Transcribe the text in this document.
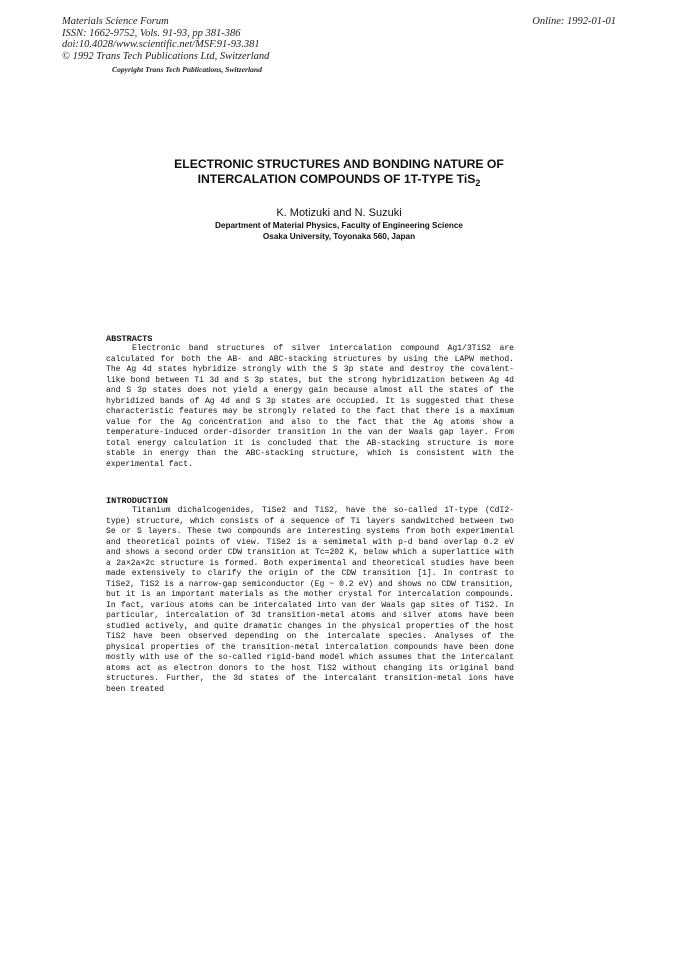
Materials Science Forum
ISSN: 1662-9752, Vols. 91-93, pp 381-386
doi:10.4028/www.scientific.net/MSF.91-93.381
© 1992 Trans Tech Publications Ltd, Switzerland
Online: 1992-01-01
Copyright Trans Tech Publications, Switzerland
ELECTRONIC STRUCTURES AND BONDING NATURE OF
INTERCALATION COMPOUNDS OF 1T-TYPE TiS$_2$
K. Motizuki and N. Suzuki
Department of Material Physics, Faculty of Engineering Science
Osaka University, Toyonaka 560, Japan
ABSTRACTS
Electronic band structures of silver intercalation compound Ag1/3TiS2 are calculated for both the AB- and ABC-stacking structures by using the LAPW method. The Ag 4d states hybridize strongly with the S 3p state and destroy the covalent-like bond between Ti 3d and S 3p states, but the strong hybridization between Ag 4d and S 3p states does not yield a energy gain because almost all the states of the hybridized bands of Ag 4d and S 3p states are occupied. It is suggested that these characteristic features may be strongly related to the fact that there is a maximum value for the Ag concentration and also to the fact that the Ag atoms show a temperature-induced order-disorder transition in the van der Waals gap layer. From total energy calculation it is concluded that the AB-stacking structure is more stable in energy than the ABC-stacking structure, which is consistent with the experimental fact.
INTRODUCTION
Titanium dichalcogenides, TiSe2 and TiS2, have the so-called 1T-type (CdI2-type) structure, which consists of a sequence of Ti layers sandwitched between two Se or S layers. These two compounds are interesting systems from both experimental and theoretical points of view. TiSe2 is a semimetal with p-d band overlap 0.2 eV and shows a second order CDW transition at Tc=202 K, below which a superlattice with a 2a×2a×2c structure is formed. Both experimental and theoretical studies have been made extensively to clarify the origin of the CDW transition [1]. In contrast to TiSe2, TiS2 is a narrow-gap semiconductor (Eg ~ 0.2 eV) and shows no CDW transition, but it is an important materials as the mother crystal for intercalation compounds. In fact, various atoms can be intercalated into van der Waals gap sites of TiS2. In particular, intercalation of 3d transition-metal atoms and silver atoms have been studied actively, and quite dramatic changes in the physical properties of the host TiS2 have been observed depending on the intercalate species. Analyses of the physical properties of the transition-metal intercalation compounds have been done mostly with use of the so-called rigid-band model which assumes that the intercalant atoms act as electron donors to the host TiS2 without changing its original band structures. Further, the 3d states of the intercalant transition-metal ions have been treated
